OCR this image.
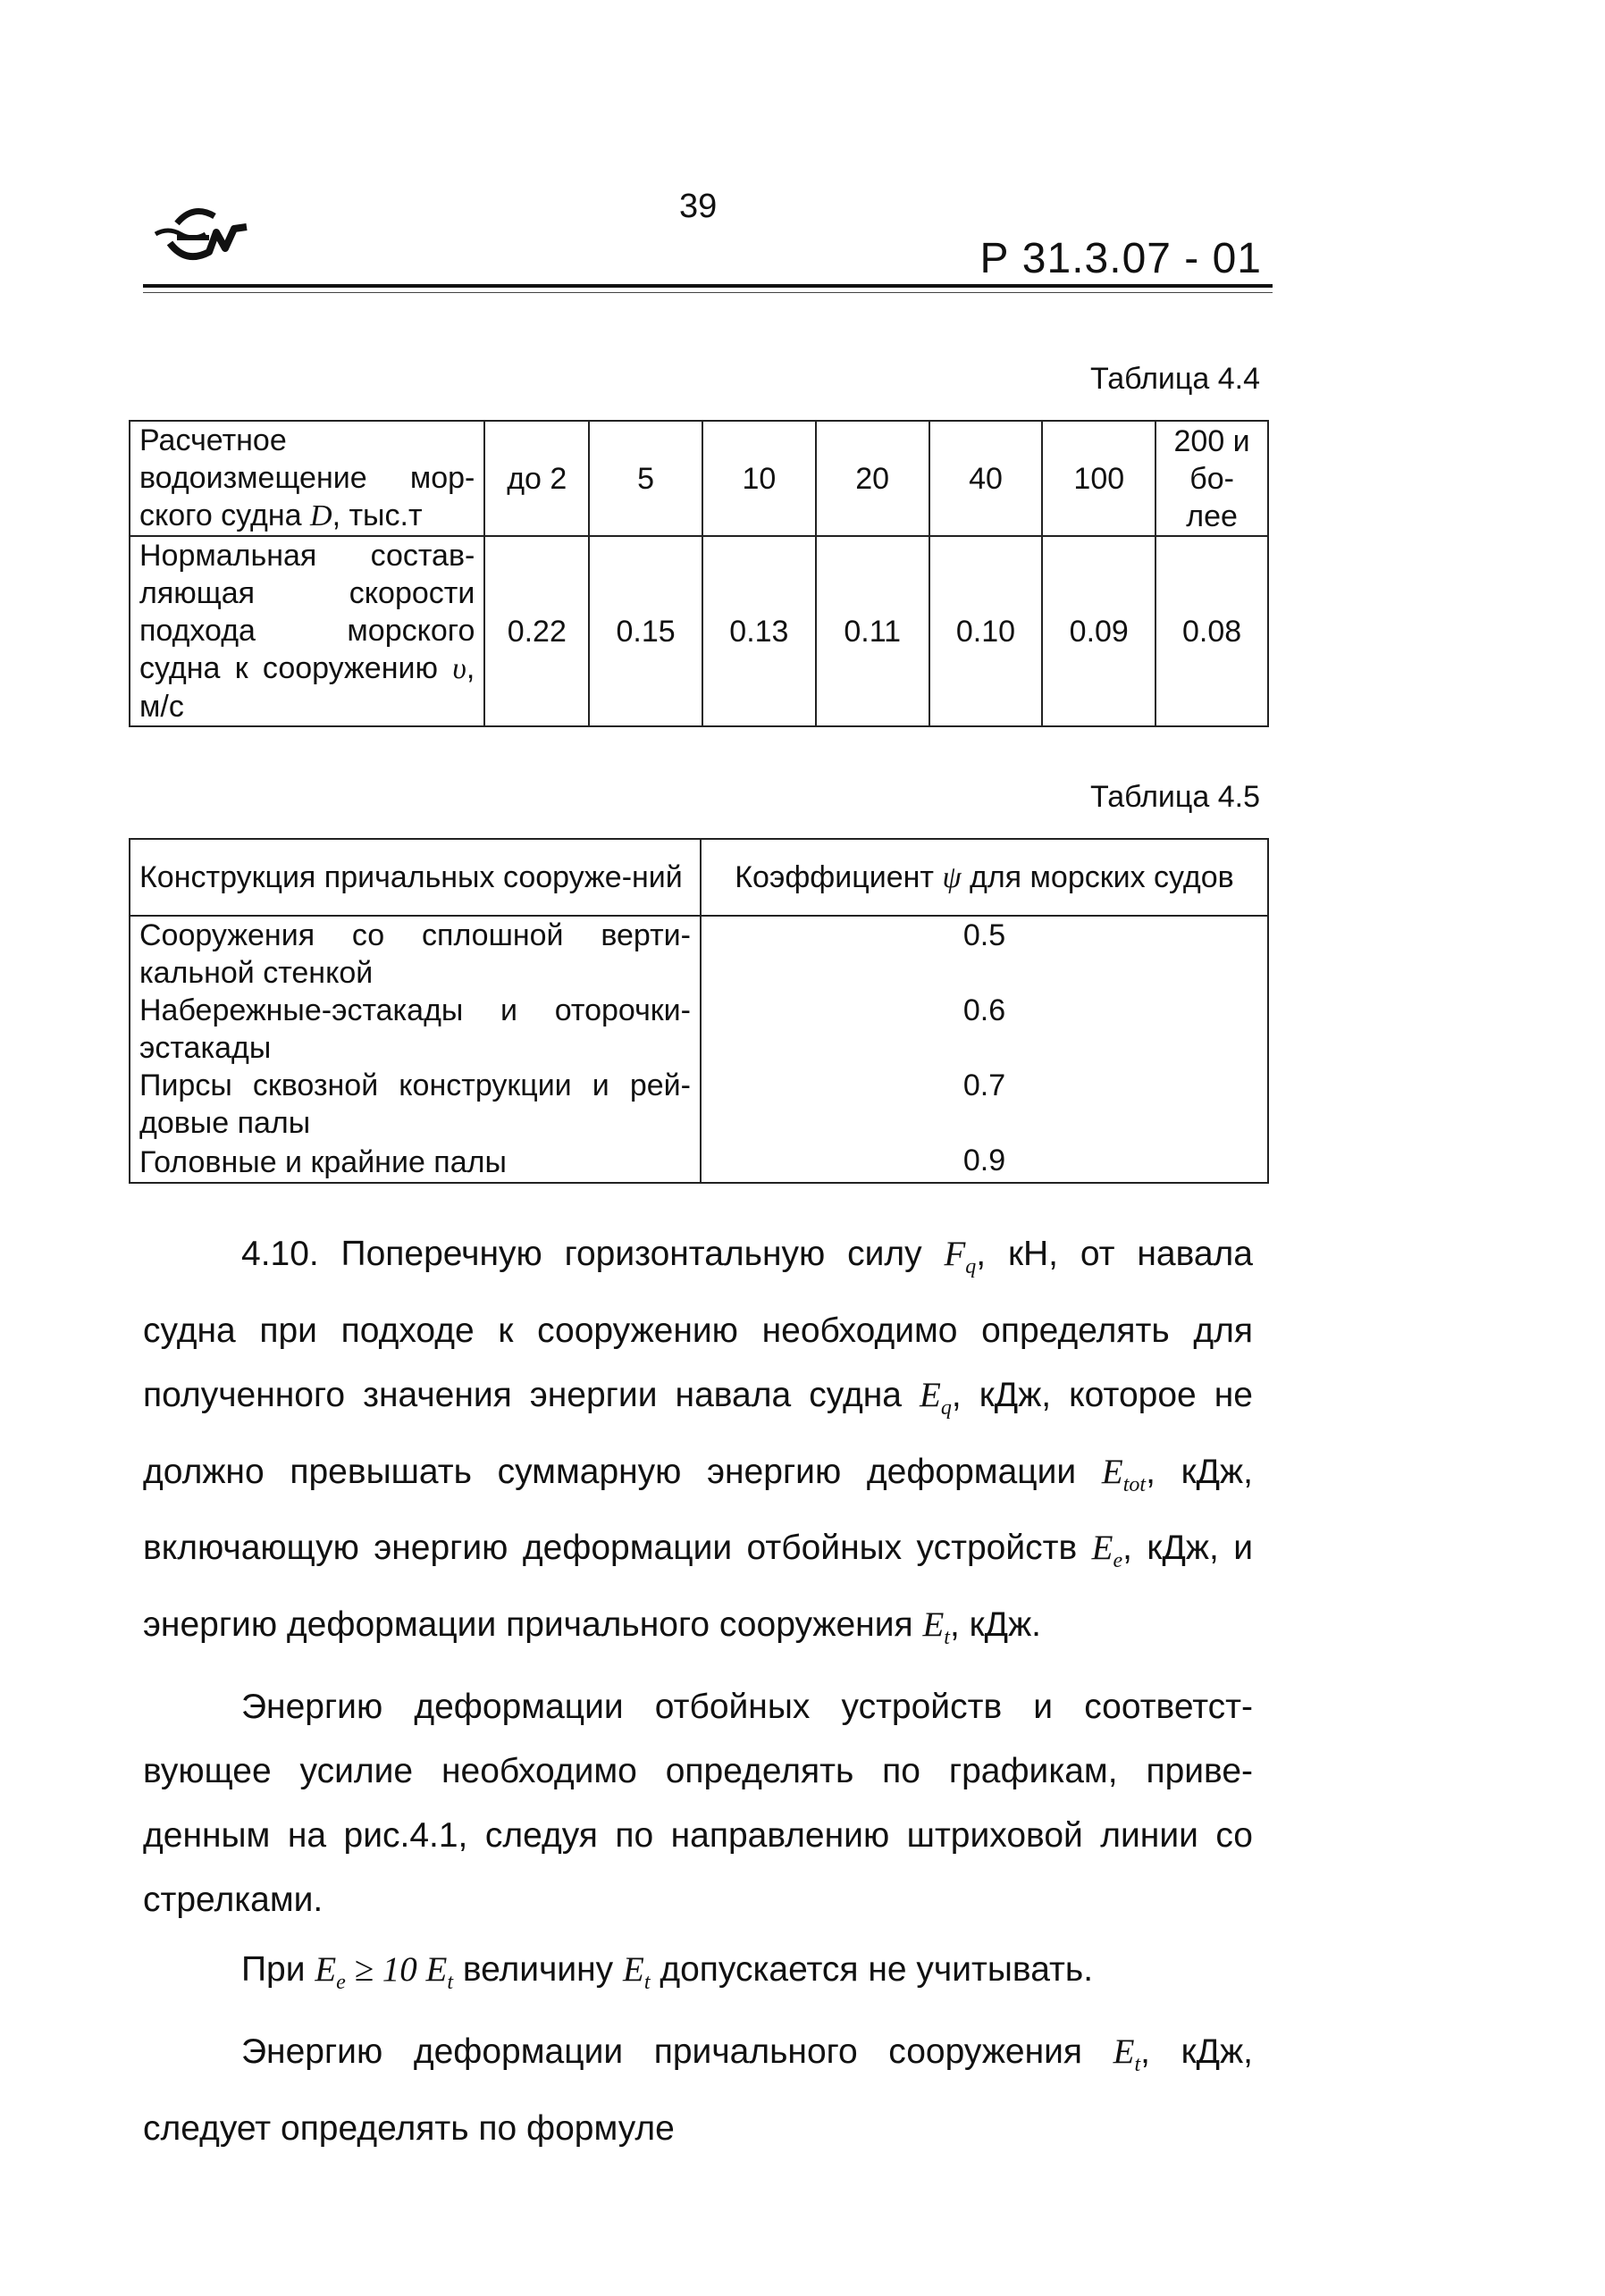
39
Р 31.3.07 - 01
Таблица 4.4
Расчетное водоизмещение мор-ского судна D, тыс.т	до 2	5	10	20	40	100	200 и бо-лее
Нормальная состав-ляющая скорости подхода морского судна к сооружению υ, м/с	0.22	0.15	0.13	0.11	0.10	0.09	0.08
Таблица 4.5
Конструкция причальных сооруже-ний	Коэффициент ψ для морских судов
Сооружения со сплошной верти-кальной стенкой	0.5
Набережные-эстакады и оторочки-эстакады	0.6
Пирсы сквозной конструкции и рей-довые палы	0.7
Головные и крайние палы	0.9

4.10. Поперечную горизонтальную силу $F_q$, кН, от навала судна при подходе к сооружению необходимо определять для полученного значения энергии навала судна $E_q$, кДж, которое не должно превышать суммарную энергию деформации $E_{tot}$, кДж, включающую энергию деформации отбойных устройств $E_e$, кДж, и энергию деформации причального сооружения $E_t$, кДж.

Энергию деформации отбойных устройств и соответст-вующее усилие необходимо определять по графикам, приве-денным на рис.4.1, следуя по направлению штриховой линии со стрелками.

При $E_e \ge 10$ $E_t$ величину $E_t$ допускается не учитывать.

Энергию деформации причального сооружения $E_t$, кДж, следует определять по формуле
